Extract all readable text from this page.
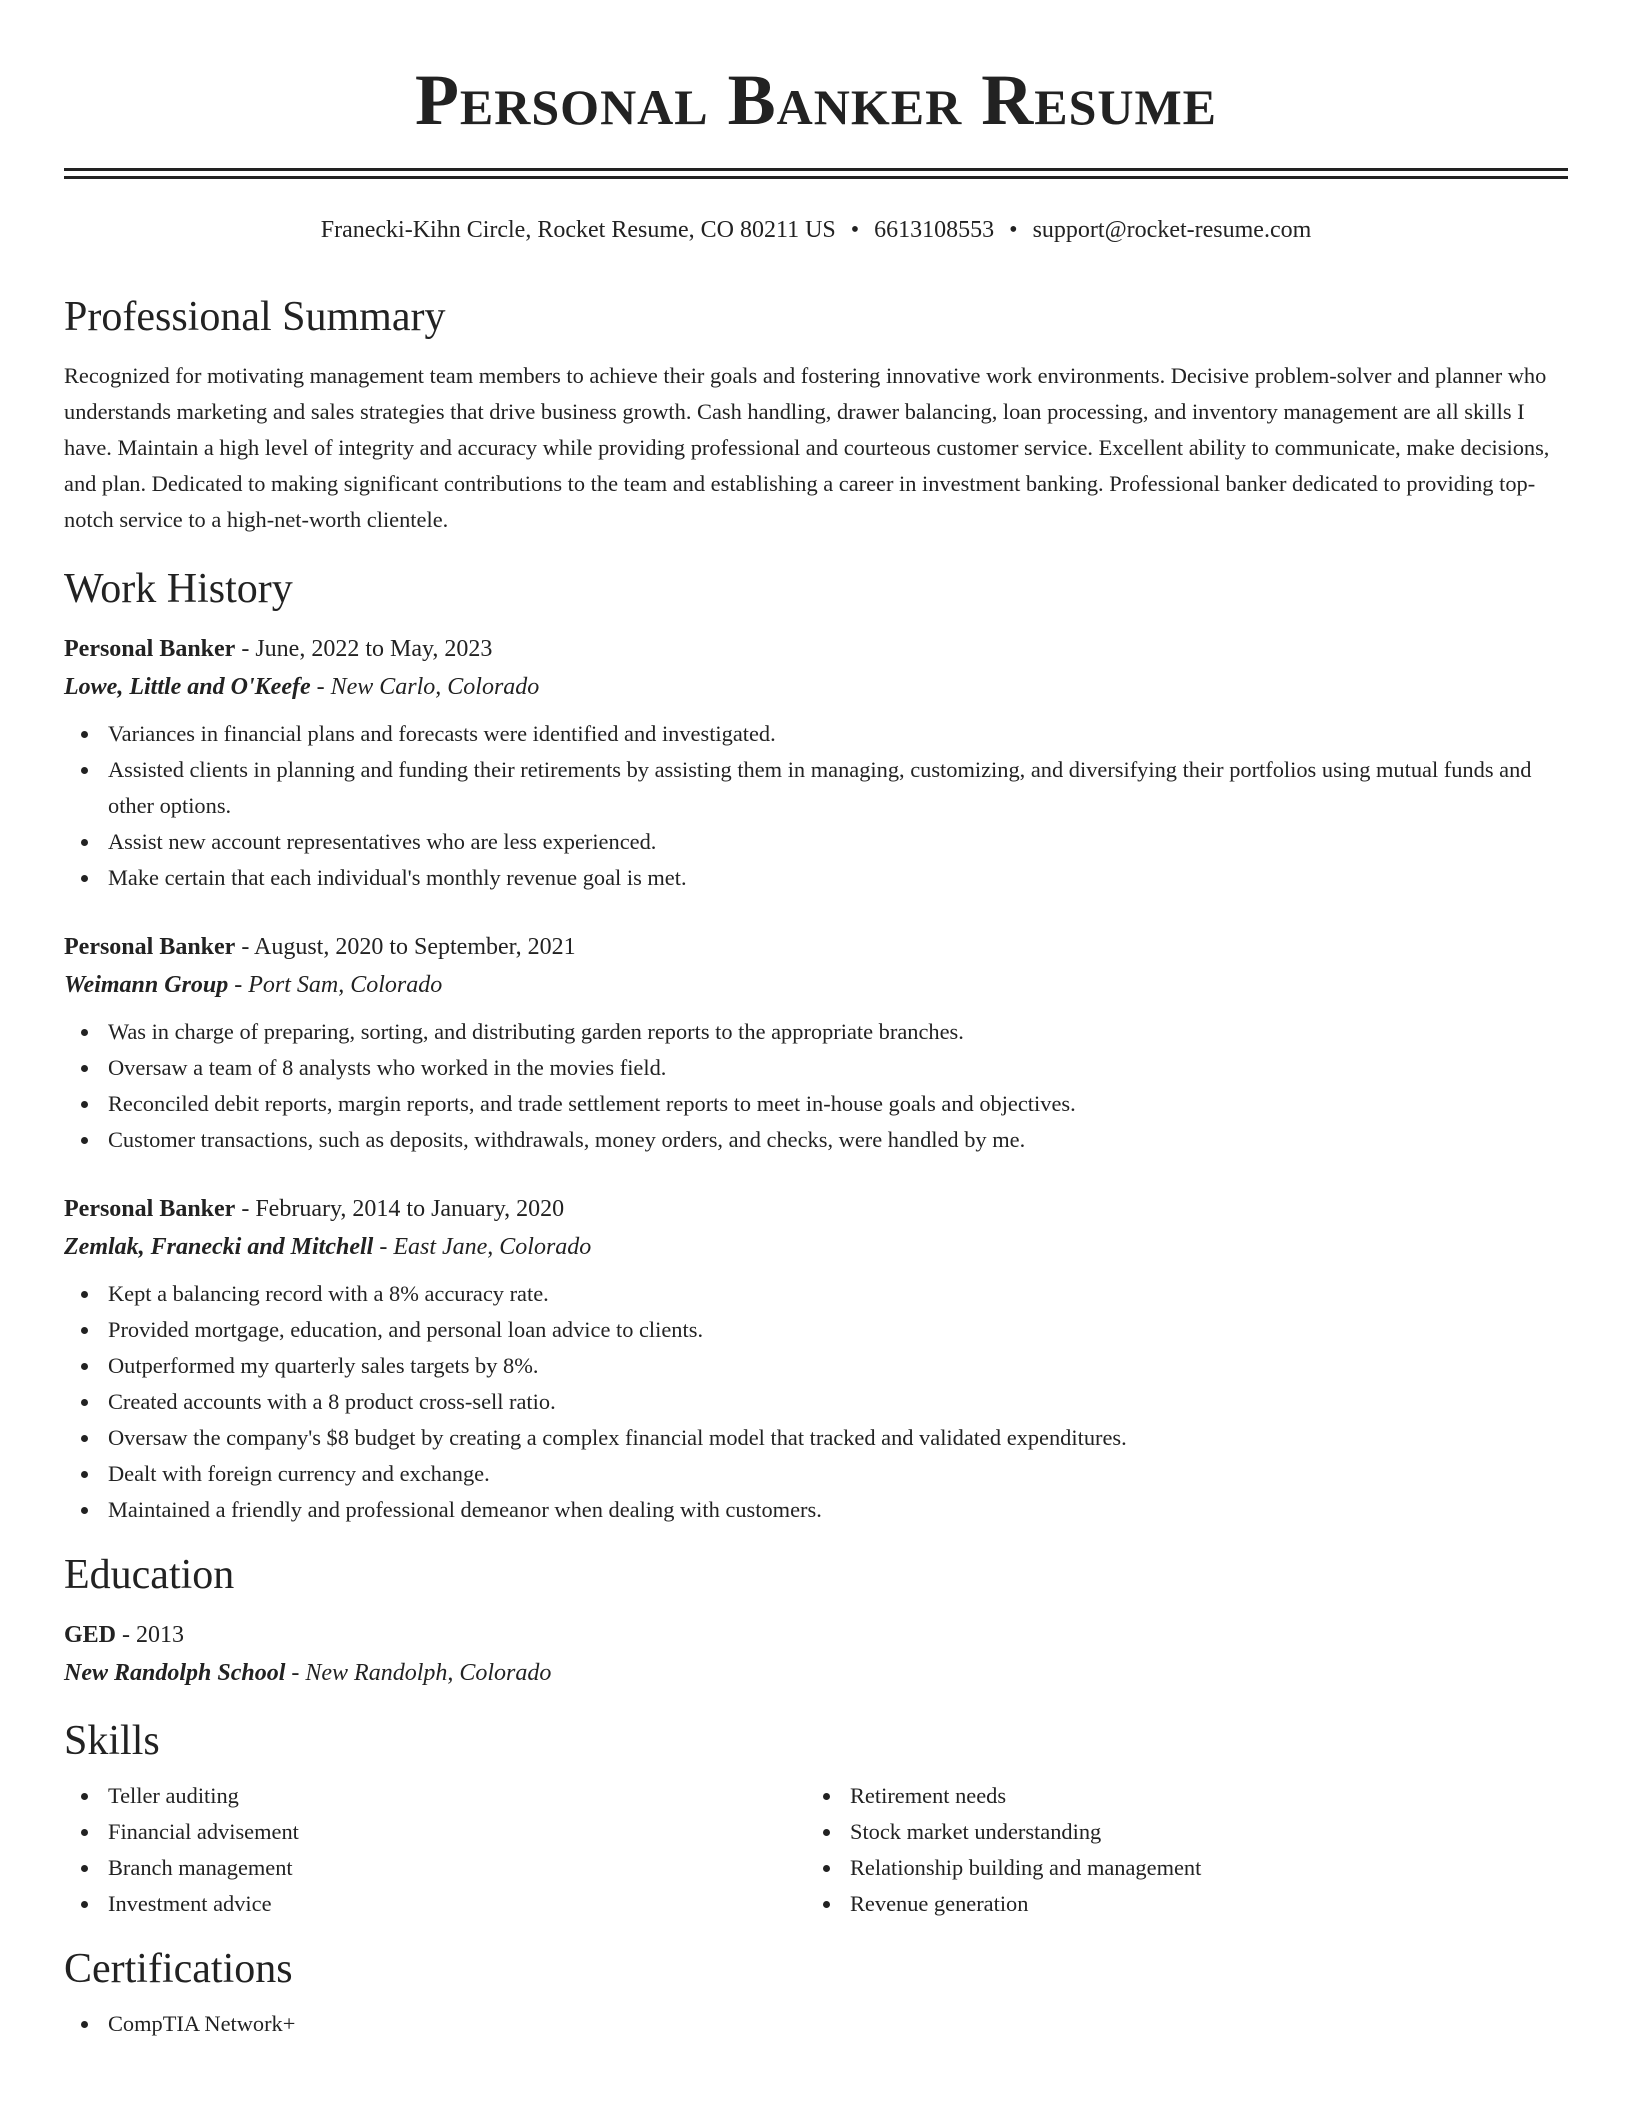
Personal Banker Resume
Franecki-Kihn Circle, Rocket Resume, CO 80211 US • 6613108553 • support@rocket-resume.com
Professional Summary

Recognized for motivating management team members to achieve their goals and fostering innovative work environments. Decisive problem-solver and planner who understands marketing and sales strategies that drive business growth. Cash handling, drawer balancing, loan processing, and inventory management are all skills I have. Maintain a high level of integrity and accuracy while providing professional and courteous customer service. Excellent ability to communicate, make decisions, and plan. Dedicated to making significant contributions to the team and establishing a career in investment banking. Professional banker dedicated to providing top-notch service to a high-net-worth clientele.

Work History
Personal Banker - June, 2022 to May, 2023
Lowe, Little and O'Keefe - New Carlo, Colorado
Variances in financial plans and forecasts were identified and investigated.
Assisted clients in planning and funding their retirements by assisting them in managing, customizing, and diversifying their portfolios using mutual funds and other options.
Assist new account representatives who are less experienced.
Make certain that each individual's monthly revenue goal is met.
Personal Banker - August, 2020 to September, 2021
Weimann Group - Port Sam, Colorado
Was in charge of preparing, sorting, and distributing garden reports to the appropriate branches.
Oversaw a team of 8 analysts who worked in the movies field.
Reconciled debit reports, margin reports, and trade settlement reports to meet in-house goals and objectives.
Customer transactions, such as deposits, withdrawals, money orders, and checks, were handled by me.
Personal Banker - February, 2014 to January, 2020
Zemlak, Franecki and Mitchell - East Jane, Colorado
Kept a balancing record with a 8% accuracy rate.
Provided mortgage, education, and personal loan advice to clients.
Outperformed my quarterly sales targets by 8%.
Created accounts with a 8 product cross-sell ratio.
Oversaw the company's $8 budget by creating a complex financial model that tracked and validated expenditures.
Dealt with foreign currency and exchange.
Maintained a friendly and professional demeanor when dealing with customers.
Education
GED - 2013
New Randolph School - New Randolph, Colorado
Skills
Teller auditing
Financial advisement
Branch management
Investment advice
Retirement needs
Stock market understanding
Relationship building and management
Revenue generation
Certifications
CompTIA Network+
